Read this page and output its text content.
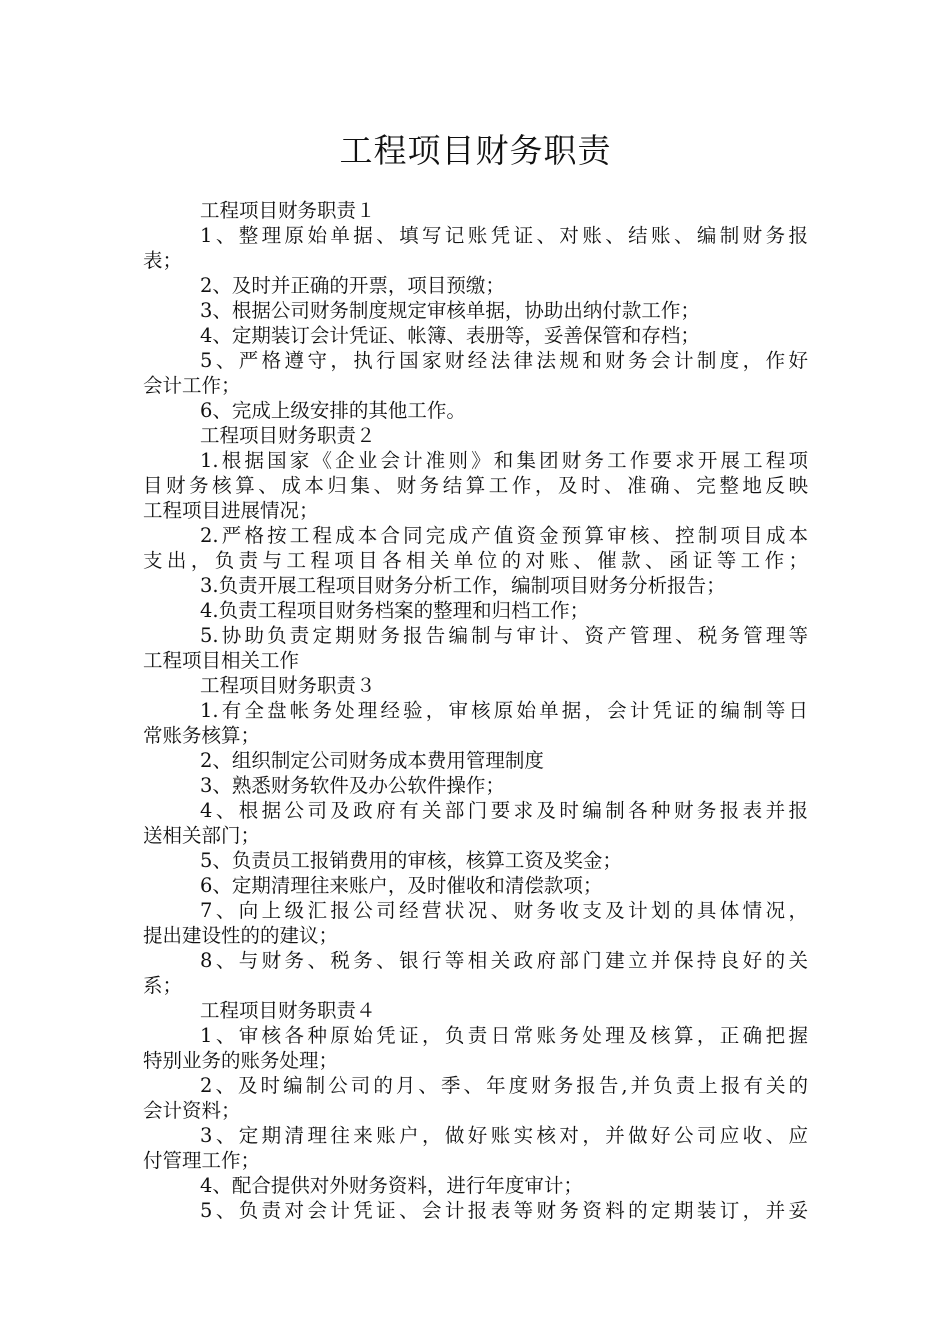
工程项目财务职责
工程项目财务职责１
1、整理原始单据、填写记账凭证、对账、结账、编制财务报
表；
2、及时并正确的开票，项目预缴；
3、根据公司财务制度规定审核单据，协助出纳付款工作；
4、定期装订会计凭证、帐簿、表册等，妥善保管和存档；
5、严格遵守，执行国家财经法律法规和财务会计制度，作好
会计工作；
6、完成上级安排的其他工作。
工程项目财务职责２
1.根据国家《企业会计准则》和集团财务工作要求开展工程项
目财务核算、成本归集、财务结算工作，及时、准确、完整地反映
工程项目进展情况；
2.严格按工程成本合同完成产值资金预算审核、控制项目成本
支出，负责与工程项目各相关单位的对账、催款、函证等工作；
3.负责开展工程项目财务分析工作，编制项目财务分析报告；
4.负责工程项目财务档案的整理和归档工作；
5.协助负责定期财务报告编制与审计、资产管理、税务管理等
工程项目相关工作
工程项目财务职责３
1.有全盘帐务处理经验，审核原始单据，会计凭证的编制等日
常账务核算；
2、组织制定公司财务成本费用管理制度
3、熟悉财务软件及办公软件操作；
4、根据公司及政府有关部门要求及时编制各种财务报表并报
送相关部门；
5、负责员工报销费用的审核，核算工资及奖金；
6、定期清理往来账户，及时催收和清偿款项；
7、向上级汇报公司经营状况、财务收支及计划的具体情况，
提出建设性的的建议；
8、与财务、税务、银行等相关政府部门建立并保持良好的关
系；
工程项目财务职责４
1、审核各种原始凭证，负责日常账务处理及核算，正确把握
特别业务的账务处理；
2、及时编制公司的月、季、年度财务报告,并负责上报有关的
会计资料；
3、定期清理往来账户，做好账实核对，并做好公司应收、应
付管理工作；
4、配合提供对外财务资料，进行年度审计；
5、负责对会计凭证、会计报表等财务资料的定期装订，并妥
